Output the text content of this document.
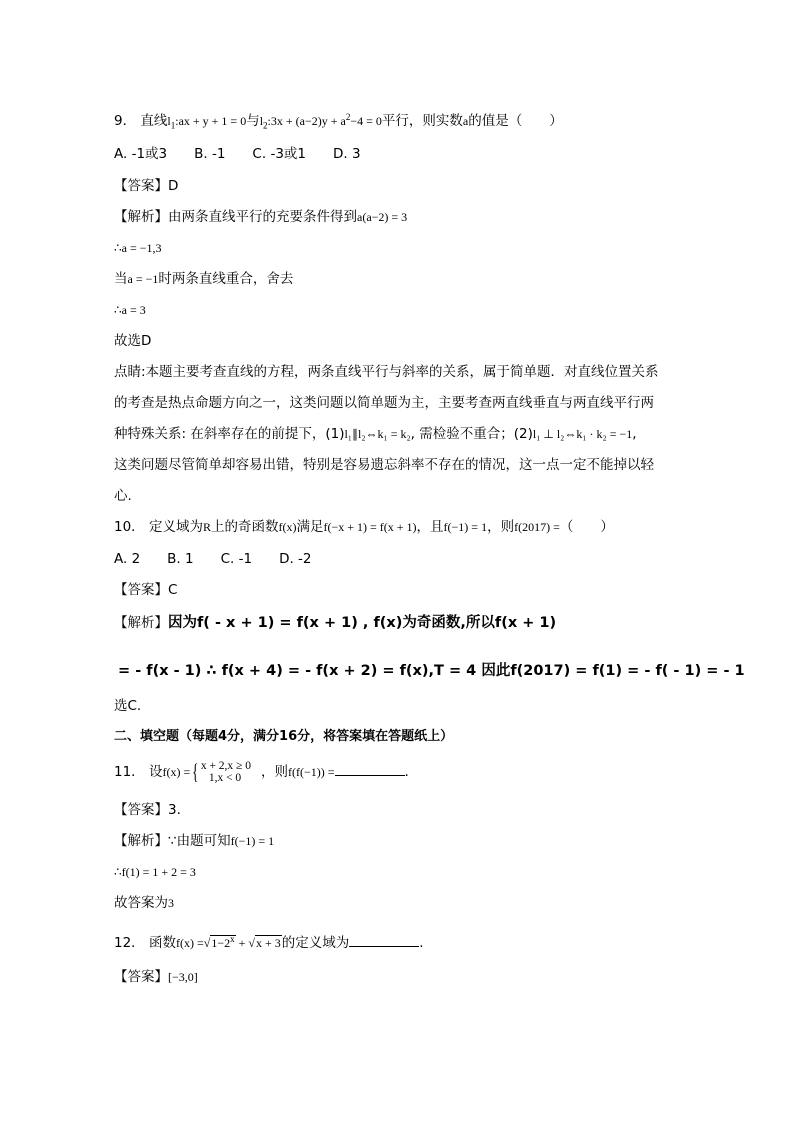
9． 直线$l_1:ax + y + 1 = 0$与$l_2:3x + (a-2)y + a^2-4 = 0$平行，则实数a的值是（　　）
A. -1或3　　B. -1　　C. -3或1　　D. 3
【答案】D
【解析】由两条直线平行的充要条件得到a(a−2) = 3
∴a = −1,3
当a = −1时两条直线重合，舍去
∴a = 3
故选D
点睛:本题主要考查直线的方程，两条直线平行与斜率的关系，属于简单题．对直线位置关系
的考查是热点命题方向之一，这类问题以简单题为主，主要考查两直线垂直与两直线平行两
种特殊关系: 在斜率存在的前提下，(1)l₁∥l₂⇔k₁ = k₂, 需检验不重合；(2)l₁ ⊥ l₂⇔k₁ · k₂ = −1,
这类问题尽管简单却容易出错，特别是容易遗忘斜率不存在的情况，这一点一定不能掉以轻
心.
10． 定义域为R上的奇函数f(x)满足f(−x + 1) = f(x + 1)，且f(−1) = 1，则f(2017) =（　　）
A. 2　　B. 1　　C. -1　　D. -2
【答案】C
【解析】因为f( - x + 1) = f(x + 1) , f(x)为奇函数,所以f(x + 1)
= - f(x - 1) ∴ f(x + 4) = - f(x + 2) = f(x),T = 4 因此f(2017) = f(1) = - f( - 1) = - 1
选C.
二、填空题（每题4分，满分16分，将答案填在答题纸上）
11． 设f(x) ={ x + 2,x ≥ 0
1,x < 0	，则f(f(−1)) =	.
【答案】3.
【解析】∵由题可知f(−1) = 1
∴f(1) = 1 + 2 = 3
故答案为3
12． 函数$f(x) =√1-2^x + √x + 3$的定义域为	.
【答案】[−3,0]
